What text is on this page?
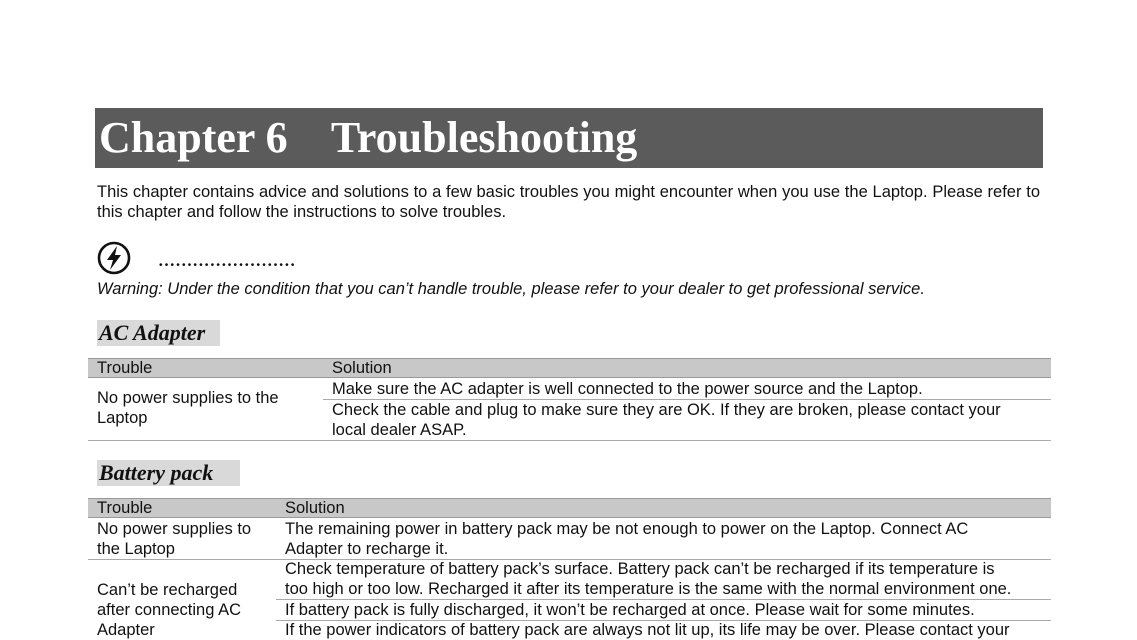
Chapter 6    Troubleshooting
This chapter contains advice and solutions to a few basic troubles you might encounter when you use the Laptop. Please refer to this chapter and follow the instructions to solve troubles.
……………………
Warning: Under the condition that you can’t handle trouble, please refer to your dealer to get professional service.
AC Adapter
Trouble	Solution
No power supplies to the
Laptop
Make sure the AC adapter is well connected to the power source and the Laptop.
Check the cable and plug to make sure they are OK. If they are broken, please contact your
local dealer ASAP.
Battery pack
Trouble	Solution
No power supplies to
the Laptop
The remaining power in battery pack may be not enough to power on the Laptop. Connect AC
Adapter to recharge it.
Can’t be recharged
after connecting AC
Adapter
Check temperature of battery pack’s surface. Battery pack can’t be recharged if its temperature is
too high or too low. Recharged it after its temperature is the same with the normal environment one.
If battery pack is fully discharged, it won’t be recharged at once. Please wait for some minutes.
If the power indicators of battery pack are always not lit up, its life may be over. Please contact your
